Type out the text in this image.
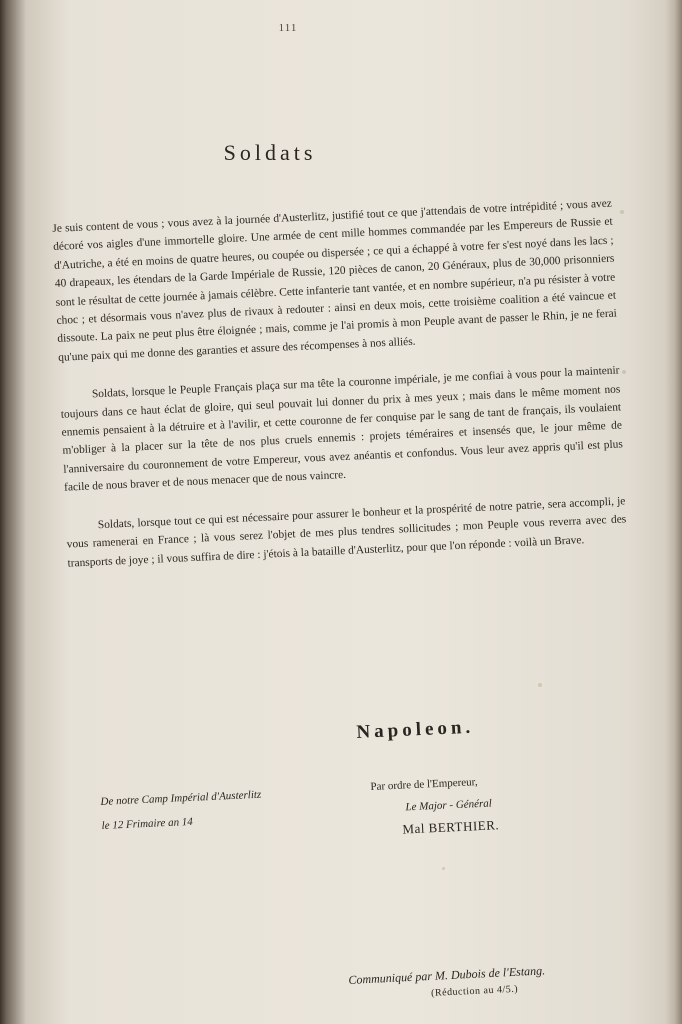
111
Soldats

Je suis content de vous ; vous avez à la journée d'Austerlitz, justifié tout ce que j'attendais de votre intrépidité ; vous avez décoré vos aigles d'une immortelle gloire. Une armée de cent mille hommes commandée par les Empereurs de Russie et d'Autriche, a été en moins de quatre heures, ou coupée ou dispersée ; ce qui a échappé à votre fer s'est noyé dans les lacs ; 40 drapeaux, les étendars de la Garde Impériale de Russie, 120 pièces de canon, 20 Généraux, plus de 30,000 prisonniers sont le résultat de cette journée à jamais célèbre. Cette infanterie tant vantée, et en nombre supérieur, n'a pu résister à votre choc ; et désormais vous n'avez plus de rivaux à redouter : ainsi en deux mois, cette troisième coalition a été vaincue et dissoute. La paix ne peut plus être éloignée ; mais, comme je l'ai promis à mon Peuple avant de passer le Rhin, je ne ferai qu'une paix qui me donne des garanties et assure des récompenses à nos alliés.

Soldats, lorsque le Peuple Français plaça sur ma tête la couronne impériale, je me confiai à vous pour la maintenir toujours dans ce haut éclat de gloire, qui seul pouvait lui donner du prix à mes yeux ; mais dans le même moment nos ennemis pensaient à la détruire et à l'avilir, et cette couronne de fer conquise par le sang de tant de français, ils voulaient m'obliger à la placer sur la tête de nos plus cruels ennemis : projets téméraires et insensés que, le jour même de l'anniversaire du couronnement de votre Empereur, vous avez anéantis et confondus. Vous leur avez appris qu'il est plus facile de nous braver et de nous menacer que de nous vaincre.

Soldats, lorsque tout ce qui est nécessaire pour assurer le bonheur et la prospérité de notre patrie, sera accompli, je vous ramenerai en France ; là vous serez l'objet de mes plus tendres sollicitudes ; mon Peuple vous reverra avec des transports de joye ; il vous suffira de dire : j'étois à la bataille d'Austerlitz, pour que l'on réponde : voilà un Brave.

Napoleon.
De notre Camp Impérial d'Austerlitz
le 12 Frimaire an 14
Par ordre de l'Empereur,
Le Major - Général
Mal BERTHIER.
Communiqué par M. Dubois de l'Estang.
(Réduction au 4/5.)
